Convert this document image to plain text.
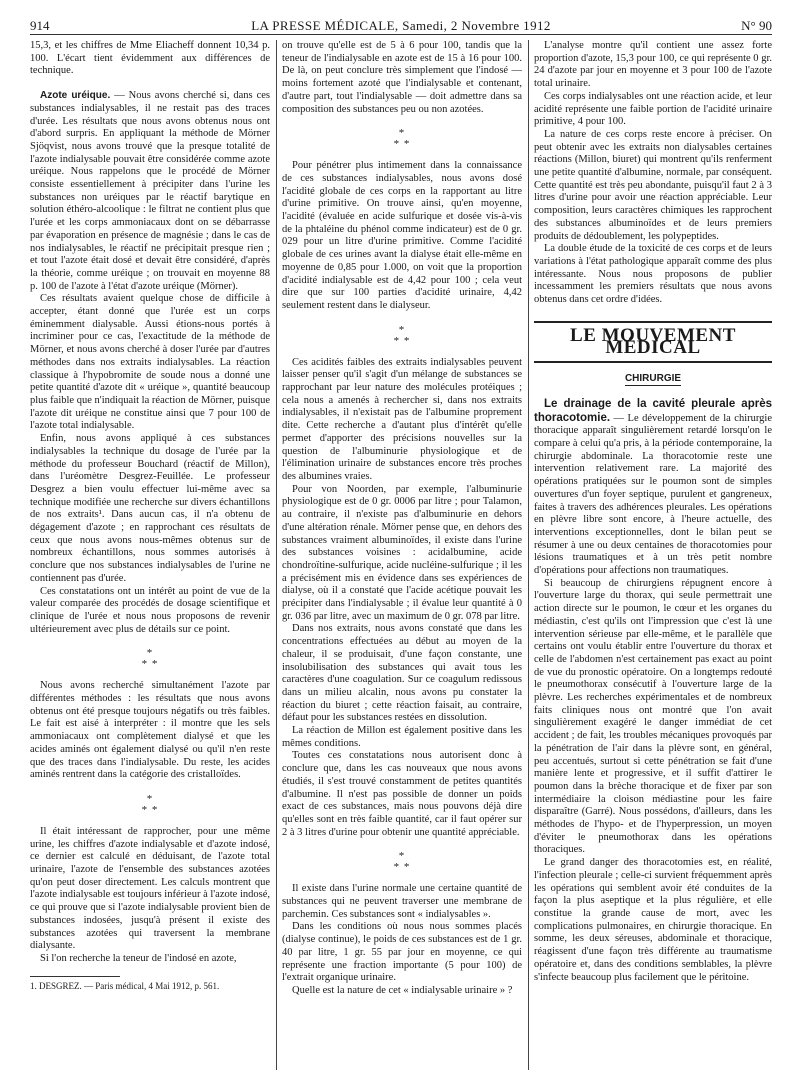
914	LA PRESSE MÉDICALE, Samedi, 2 Novembre 1912	N° 90

15,3, et les chiffres de Mme Eliacheff donnent 10,34 p. 100. L'écart tient évidemment aux différences de technique.

Azote uréique. — Nous avons cherché si, dans ces substances indialysables, il ne restait pas des traces d'urée. Les résultats que nous avons obtenus nous ont d'abord surpris. En appliquant la méthode de Mörner Sjöqvist, nous avons trouvé que la presque totalité de l'azote indialysable pouvait être considérée comme azote uréique. Nous rappelons que le procédé de Mörner consiste essentiellement à précipiter dans l'urine les substances non uréiques par le réactif barytique en solution éthéro-alcoolique : le filtrat ne contient plus que l'urée et les corps ammoniacaux dont on se débarrasse par évaporation en présence de magnésie ; dans le cas de nos indialysables, le réactif ne précipitait presque rien ; et tout l'azote était dosé et devait être considéré, d'après la théorie, comme uréique ; on trouvait en moyenne 88 p. 100 de l'azote à l'état d'azote uréique (Mörner).

Ces résultats avaient quelque chose de difficile à accepter, étant donné que l'urée est un corps éminemment dialysable. Aussi étions-nous portés à incriminer pour ce cas, l'exactitude de la méthode de Mörner, et nous avons cherché à doser l'urée par d'autres méthodes dans nos extraits indialysables. La réaction classique à l'hypobromite de soude nous a donné une petite quantité d'azote dit « uréique », quantité beaucoup plus faible que n'indiquait la réaction de Mörner, puisque l'azote dit uréique ne constitue ainsi que 7 pour 100 de l'azote total indialysable.

Enfin, nous avons appliqué à ces substances indialysables la technique du dosage de l'urée par la méthode du professeur Bouchard (réactif de Millon), dans l'uréomètre Desgrez-Feuillée. Le professeur Desgrez a bien voulu effectuer lui-même avec sa technique modifiée une recherche sur divers échantillons de nos extraits¹. Dans aucun cas, il n'a obtenu de dégagement d'azote ; en rapprochant ces résultats de ceux que nous avons nous-mêmes obtenus sur de nombreux échantillons, nous sommes autorisés à conclure que nos substances indialysables de l'urine ne contiennent pas d'urée.

Ces constatations ont un intérêt au point de vue de la valeur comparée des procédés de dosage scientifique et clinique de l'urée et nous nous proposons de revenir ultérieurement avec plus de détails sur ce point.

*
* *

Nous avons recherché simultanément l'azote par différentes méthodes : les résultats que nous avons obtenus ont été presque toujours négatifs ou très faibles. Le fait est aisé à interpréter : il montre que les sels ammoniacaux ont complètement dialysé et que les acides aminés ont également dialysé ou qu'il n'en reste que des traces dans l'indialysable. Du reste, les acides aminés rentrent dans la catégorie des cristalloïdes.

*
* *

Il était intéressant de rapprocher, pour une même urine, les chiffres d'azote indialysable et d'azote indosé, ce dernier est calculé en déduisant, de l'azote total urinaire, l'azote de l'ensemble des substances azotées qu'on peut doser directement. Les calculs montrent que l'azote indialysable est toujours inférieur à l'azote indosé, ce qui prouve que si l'azote indialysable provient bien de substances indosées, jusqu'à présent il existe des substances azotées qui traversent la membrane dialysante.

Si l'on recherche la teneur de l'indosé en azote,

1. DESGREZ. — Paris médical, 4 Mai 1912, p. 561.

on trouve qu'elle est de 5 à 6 pour 100, tandis que la teneur de l'indialysable en azote est de 15 à 16 pour 100. De là, on peut conclure très simplement que l'indosé — moins fortement azoté que l'indialysable et contenant, d'autre part, tout l'indialysable — doit admettre dans sa composition des substances peu ou non azotées.

*
* *

Pour pénétrer plus intimement dans la connaissance de ces substances indialysables, nous avons dosé l'acidité globale de ces corps en la rapportant au litre d'urine primitive. On trouve ainsi, qu'en moyenne, l'acidité (évaluée en acide sulfurique et dosée vis-à-vis de la phtaléine du phénol comme indicateur) est de 0 gr. 029 pour un litre d'urine primitive. Comme l'acidité globale de ces urines avant la dialyse était elle-même en moyenne de 0,85 pour 1.000, on voit que la proportion d'acidité indialysable est de 4,42 pour 100 ; cela veut dire que sur 100 parties d'acidité urinaire, 4,42 seulement restent dans le dialyseur.

*
* *

Ces acidités faibles des extraits indialysables peuvent laisser penser qu'il s'agit d'un mélange de substances se rapprochant par leur nature des molécules protéiques ; cela nous a amenés à rechercher si, dans nos extraits indialysables, il n'existait pas de l'albumine proprement dite. Cette recherche a d'autant plus d'intérêt qu'elle permet d'apporter des précisions nouvelles sur la question de l'albuminurie physiologique et de l'élimination urinaire de substances encore très proches des albumines vraies.

Pour von Noorden, par exemple, l'albuminurie physiologique est de 0 gr. 0006 par litre ; pour Talamon, au contraire, il n'existe pas d'albuminurie en dehors d'une altération rénale. Mörner pense que, en dehors des substances vraiment albuminoïdes, il existe dans l'urine des substances voisines : acidalbumine, acide chondroïtine-sulfurique, acide nucléine-sulfurique ; il les a précisément mis en évidence dans ses expériences de dialyse, où il a constaté que l'acide acétique pouvait les précipiter dans l'indialysable ; il évalue leur quantité à 0 gr. 036 par litre, avec un maximum de 0 gr. 078 par litre.

Dans nos extraits, nous avons constaté que dans les concentrations effectuées au début au moyen de la chaleur, il se produisait, d'une façon constante, une insolubilisation des substances qui avait tous les caractères d'une coagulation. Sur ce coagulum redissous dans un milieu alcalin, nous avons pu constater la réaction du biuret ; cette réaction faisait, au contraire, défaut pour les substances restées en dissolution.

La réaction de Millon est également positive dans les mêmes conditions.

Toutes ces constatations nous autorisent donc à conclure que, dans les cas nouveaux que nous avons étudiés, il s'est trouvé constamment de petites quantités d'albumine. Il n'est pas possible de donner un poids exact de ces substances, mais nous pouvons déjà dire qu'elles sont en très faible quantité, car il faut opérer sur 2 à 3 litres d'urine pour obtenir une quantité appréciable.

*
* *

Il existe dans l'urine normale une certaine quantité de substances qui ne peuvent traverser une membrane de parchemin. Ces substances sont « indialysables ».

Dans les conditions où nous nous sommes placés (dialyse continue), le poids de ces substances est de 1 gr. 40 par litre, 1 gr. 55 par jour en moyenne, ce qui représente une fraction importante (5 pour 100) de l'extrait organique urinaire.

Quelle est la nature de cet « indialysable urinaire » ?

L'analyse montre qu'il contient une assez forte proportion d'azote, 15,3 pour 100, ce qui représente 0 gr. 24 d'azote par jour en moyenne et 3 pour 100 de l'azote total urinaire.

Ces corps indialysables ont une réaction acide, et leur acidité représente une faible portion de l'acidité urinaire primitive, 4 pour 100.

La nature de ces corps reste encore à préciser. On peut obtenir avec les extraits non dialysables certaines réactions (Millon, biuret) qui montrent qu'ils renferment une petite quantité d'albumine, normale, par conséquent. Cette quantité est très peu abondante, puisqu'il faut 2 à 3 litres d'urine pour avoir une réaction appréciable. Leur composition, leurs caractères chimiques les rapprochent des substances albuminoïdes et de leurs premiers produits de dédoublement, les polypeptides.

La double étude de la toxicité de ces corps et de leurs variations à l'état pathologique apparaît comme des plus intéressante. Nous nous proposons de publier incessamment les premiers résultats que nous avons obtenus dans cet ordre d'idées.

LE MOUVEMENT MÉDICAL
CHIRURGIE

Le drainage de la cavité pleurale après thoracotomie. — Le développement de la chirurgie thoracique apparaît singulièrement retardé lorsqu'on le compare à celui qu'a pris, à la période contemporaine, la chirurgie abdominale. La thoracotomie reste une intervention relativement rare. La majorité des opérations pratiquées sur le poumon sont de simples ouvertures d'un foyer septique, purulent et gangreneux, faites à travers des adhérences pleurales. Les opérations en plèvre libre sont encore, à l'heure actuelle, des interventions exceptionnelles, dont le bilan peut se résumer à une ou deux centaines de thoracotomies pour lésions traumatiques et à un très petit nombre d'opérations pour affections non traumatiques.

Si beaucoup de chirurgiens répugnent encore à l'ouverture large du thorax, qui seule permettrait une action directe sur le poumon, le cœur et les organes du médiastin, c'est qu'ils ont l'impression que c'est là une intervention sérieuse par elle-même, et le parallèle que certains ont voulu établir entre l'ouverture du thorax et celle de l'abdomen n'est certainement pas exact au point de vue du pronostic opératoire. On a longtemps redouté le pneumothorax consécutif à l'ouverture large de la plèvre. Les recherches expérimentales et de nombreux faits cliniques nous ont montré que l'on avait singulièrement exagéré le danger immédiat de cet accident ; de fait, les troubles mécaniques provoqués par la pénétration de l'air dans la plèvre sont, en général, peu accentués, surtout si cette pénétration se fait d'une manière lente et progressive, et il suffit d'attirer le poumon dans la brèche thoracique et de fixer par son intermédiaire la cloison médiastine pour les faire disparaître (Garré). Nous possédons, d'ailleurs, dans les méthodes de l'hypo- et de l'hyperpression, un moyen d'éviter le pneumothorax dans les opérations thoraciques.

Le grand danger des thoracotomies est, en réalité, l'infection pleurale ; celle-ci survient fréquemment après les opérations qui semblent avoir été conduites de la façon la plus aseptique et la plus régulière, et elle constitue la grande cause de mort, avec les complications pulmonaires, en chirurgie thoracique. En somme, les deux séreuses, abdominale et thoracique, réagissent d'une façon très différente au traumatisme opératoire et, dans des conditions semblables, la plèvre s'infecte beaucoup plus facilement que le péritoine.
